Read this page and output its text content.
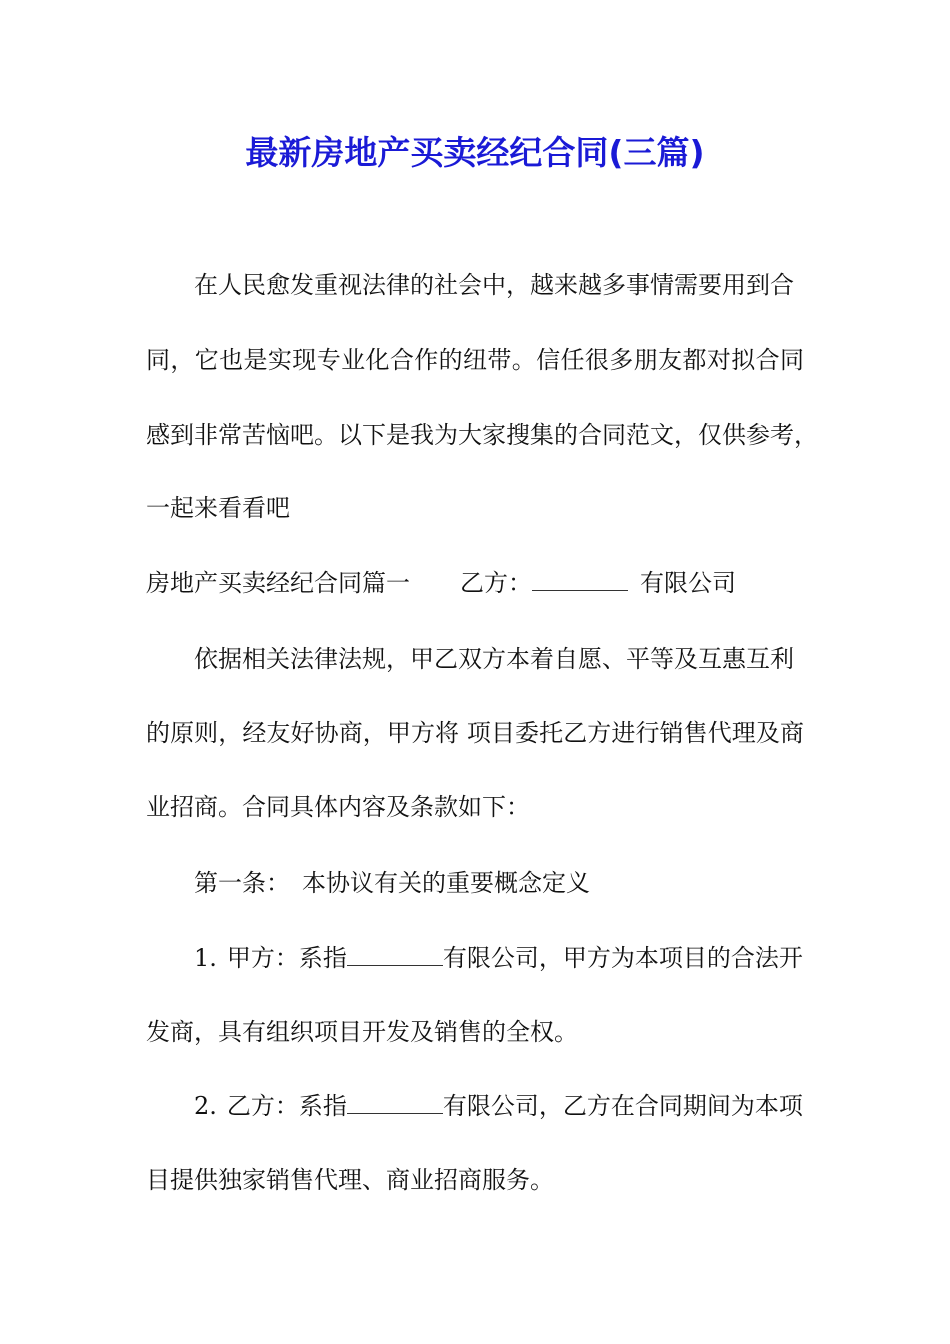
最新房地产买卖经纪合同(三篇)

在人民愈发重视法律的社会中，越来越多事情需要用到合

同，它也是实现专业化合作的纽带。信任很多朋友都对拟合同

感到非常苦恼吧。以下是我为大家搜集的合同范文，仅供参考，

一起来看看吧

房地产买卖经纪合同篇一 乙方：	有限公司

依据相关法律法规，甲乙双方本着自愿、平等及互惠互利

的原则，经友好协商，甲方将 项目委托乙方进行销售代理及商

业招商。合同具体内容及条款如下：

第一条： 本协议有关的重要概念定义

1. 甲方：系指	有限公司，甲方为本项目的合法开

发商，具有组织项目开发及销售的全权。

2. 乙方：系指	有限公司，乙方在合同期间为本项

目提供独家销售代理、商业招商服务。
